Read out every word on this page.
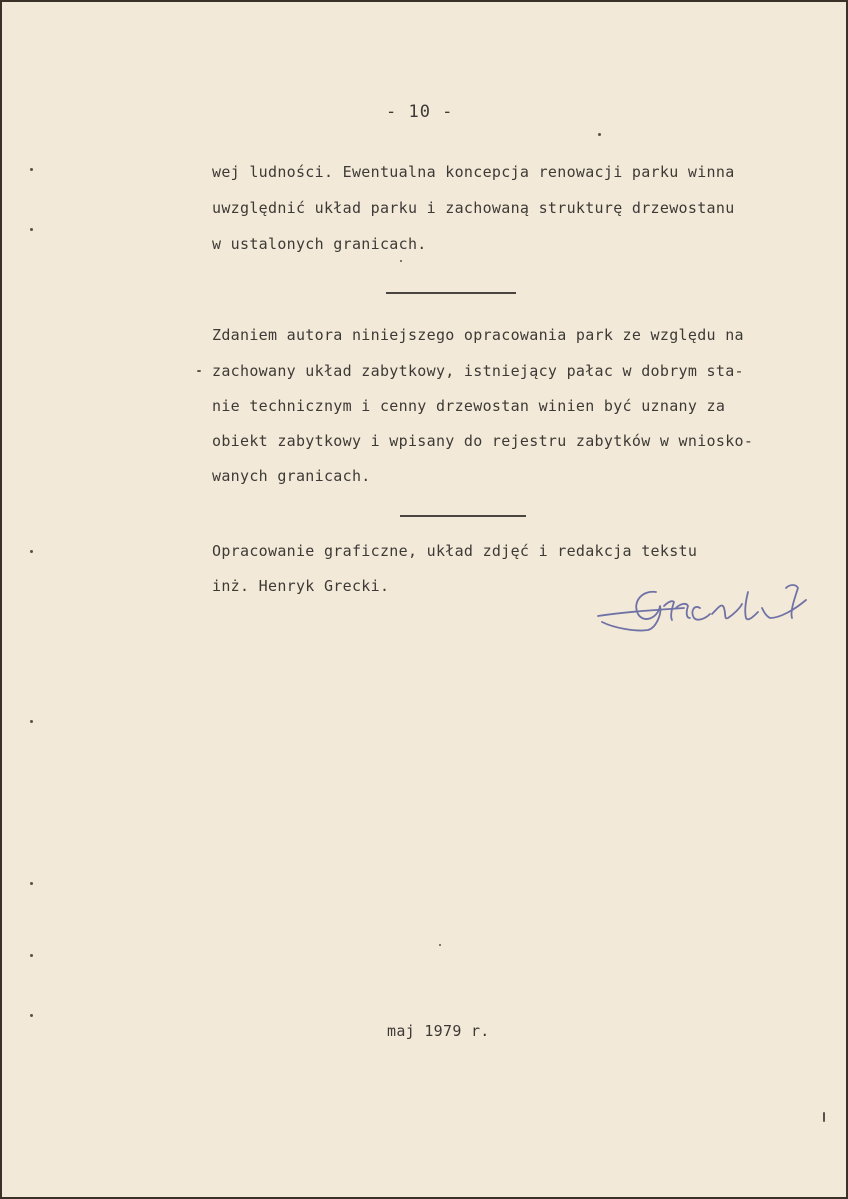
- 10 -
wej ludności. Ewentualna koncepcja renowacji parku winna
uwzględnić układ parku i zachowaną strukturę drzewostanu
w ustalonych granicach.
Zdaniem autora niniejszego opracowania park ze względu na
zachowany układ zabytkowy, istniejący pałac w dobrym sta-
nie technicznym i cenny drzewostan winien być uznany za
obiekt zabytkowy i wpisany do rejestru zabytków w wniosko-
wanych granicach.
Opracowanie graficzne, układ zdjęć i redakcja tekstu
inż. Henryk Grecki.
maj 1979 r.
